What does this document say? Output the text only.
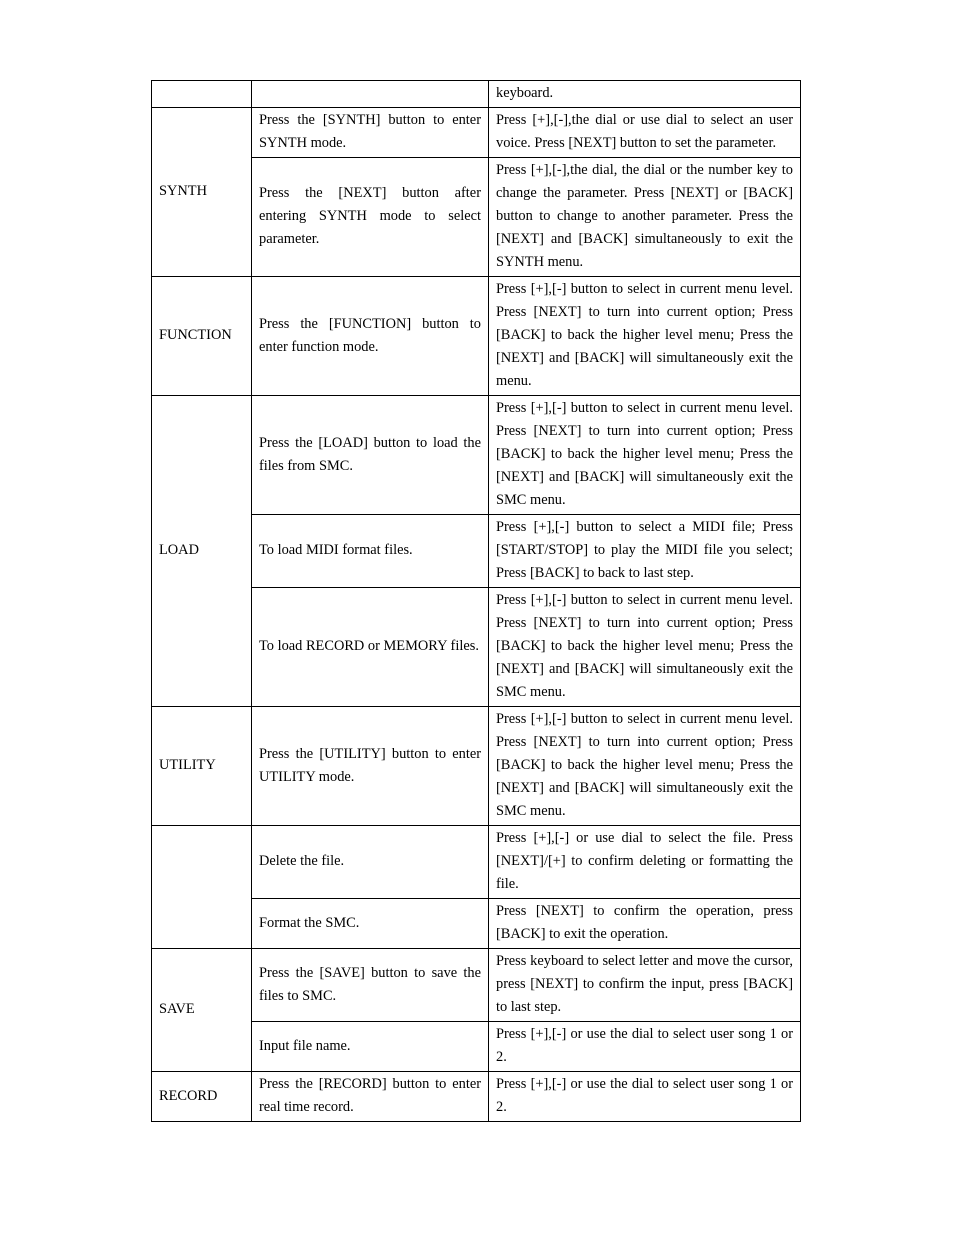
		keyboard.
SYNTH	Press the [SYNTH] button to enter SYNTH mode.	Press [+],[-],the dial or use dial to select an user voice. Press [NEXT] button to set the parameter.
	Press the [NEXT] button after entering SYNTH mode to select parameter.	Press [+],[-],the dial, the dial or the number key to change the parameter. Press [NEXT] or [BACK] button to change to another parameter. Press the [NEXT] and [BACK] simultaneously to exit the SYNTH menu.
FUNCTION	Press the [FUNCTION] button to enter function mode.	Press [+],[-] button to select in current menu level. Press [NEXT] to turn into current option; Press [BACK] to back the higher level menu; Press the [NEXT] and [BACK] will simultaneously exit the menu.
LOAD	Press the [LOAD] button to load the files from SMC.	Press [+],[-] button to select in current menu level. Press [NEXT] to turn into current option; Press [BACK] to back the higher level menu; Press the [NEXT] and [BACK] will simultaneously exit the SMC menu.
	To load MIDI format files.	Press [+],[-] button to select a MIDI file; Press [START/STOP] to play the MIDI file you select; Press [BACK] to back to last step.
	To load RECORD or MEMORY files.	Press [+],[-] button to select in current menu level. Press [NEXT] to turn into current option; Press [BACK] to back the higher level menu; Press the [NEXT] and [BACK] will simultaneously exit the SMC menu.
UTILITY	Press the [UTILITY] button to enter UTILITY mode.	Press [+],[-] button to select in current menu level. Press [NEXT] to turn into current option; Press [BACK] to back the higher level menu; Press the [NEXT] and [BACK] will simultaneously exit the SMC menu.
	Delete the file.	Press [+],[-] or use dial to select the file. Press [NEXT]/[+] to confirm deleting or formatting the file.
	Format the SMC.	Press [NEXT] to confirm the operation, press [BACK] to exit the operation.
SAVE	Press the [SAVE] button to save the files to SMC.	Press keyboard to select letter and move the cursor, press [NEXT] to confirm the input, press [BACK] to last step.
	Input file name.	Press [+],[-] or use the dial to select user song 1 or 2.
RECORD	Press the [RECORD] button to enter real time record.	Press [+],[-] or use the dial to select user song 1 or 2.
